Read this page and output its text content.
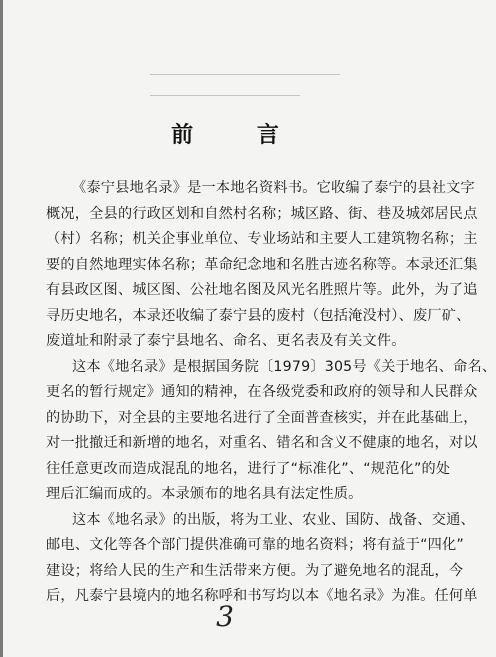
前 言
《泰宁县地名录》是一本地名资料书。它收编了泰宁的县社文字
概况，全县的行政区划和自然村名称；城区路、街、巷及城郊居民点
（村）名称；机关企事业单位、专业场站和主要人工建筑物名称；主
要的自然地理实体名称；革命纪念地和名胜古迹名称等。本录还汇集
有县政区图、城区图、公社地名图及风光名胜照片等。此外，为了追
寻历史地名，本录还收编了泰宁县的废村（包括淹没村）、废厂矿、
废道址和附录了泰宁县地名、命名、更名表及有关文件。
这本《地名录》是根据国务院〔1979〕305号《关于地名、命名、
更名的暂行规定》通知的精神，在各级党委和政府的领导和人民群众
的协助下，对全县的主要地名进行了全面普查核实，并在此基础上，
对一批撤迁和新增的地名，对重名、错名和含义不健康的地名，对以
往任意更改而造成混乱的地名，进行了“标准化”、“规范化”的处
理后汇编而成的。本录颁布的地名具有法定性质。
这本《地名录》的出版，将为工业、农业、国防、战备、交通、
邮电、文化等各个部门提供准确可靠的地名资料；将有益于“四化”
建设；将给人民的生产和生活带来方便。为了避免地名的混乱，今
后，凡泰宁县境内的地名称呼和书写均以本《地名录》为准。任何单
3
